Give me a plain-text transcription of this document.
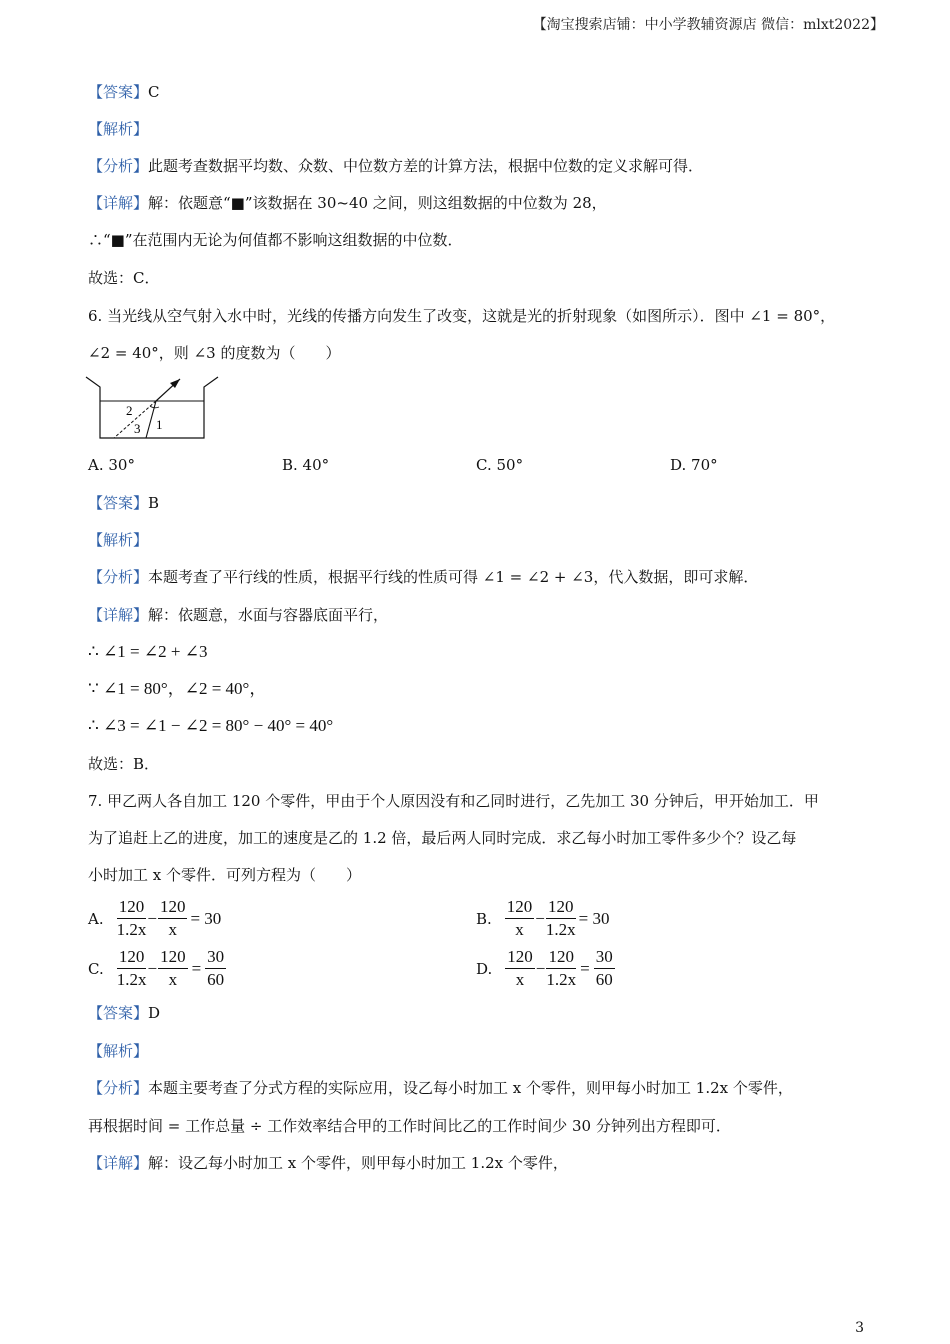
【淘宝搜索店铺：中小学教辅资源店 微信：mlxt2022】
【答案】C
【解析】
【分析】此题考查数据平均数、众数、中位数方差的计算方法，根据中位数的定义求解可得．
【详解】解：依题意“■”该数据在 30~40 之间，则这组数据的中位数为 28，
∴“■”在范围内无论为何值都不影响这组数据的中位数．
故选：C．
6. 当光线从空气射入水中时，光线的传播方向发生了改变，这就是光的折射现象（如图所示）．图中 ∠1 = 80°，
∠2 = 40°，则 ∠3 的度数为（　　）
1
2
3
A. 30°	B. 40°	C. 50°	D. 70°
【答案】B
【解析】
【分析】本题考查了平行线的性质，根据平行线的性质可得 ∠1 = ∠2 + ∠3，代入数据，即可求解．
【详解】解：依题意，水面与容器底面平行，
∴ ∠1 = ∠2 + ∠3
∵ ∠1 = 80°，∠2 = 40°，
∴ ∠3 = ∠1 − ∠2 = 80° − 40° = 40°
故选：B．
7. 甲乙两人各自加工 120 个零件，甲由于个人原因没有和乙同时进行，乙先加工 30 分钟后，甲开始加工．甲
为了追赶上乙的进度，加工的速度是乙的 1.2 倍，最后两人同时完成．求乙每小时加工零件多少个？设乙每
小时加工 x 个零件．可列方程为（　　）
A. $\frac{120}{1.2x} - \frac{120}{x} = 30$	B. $\frac{120}{x} - \frac{120}{1.2x} = 30$
C. $\frac{120}{1.2x} - \frac{120}{x} = \frac{30}{60}$	D. $\frac{120}{x} - \frac{120}{1.2x} = \frac{30}{60}$
【答案】D
【解析】
【分析】本题主要考查了分式方程的实际应用，设乙每小时加工 x 个零件，则甲每小时加工 1.2x 个零件，
再根据时间 = 工作总量 ÷ 工作效率结合甲的工作时间比乙的工作时间少 30 分钟列出方程即可．
【详解】解：设乙每小时加工 x 个零件，则甲每小时加工 1.2x 个零件，
3
